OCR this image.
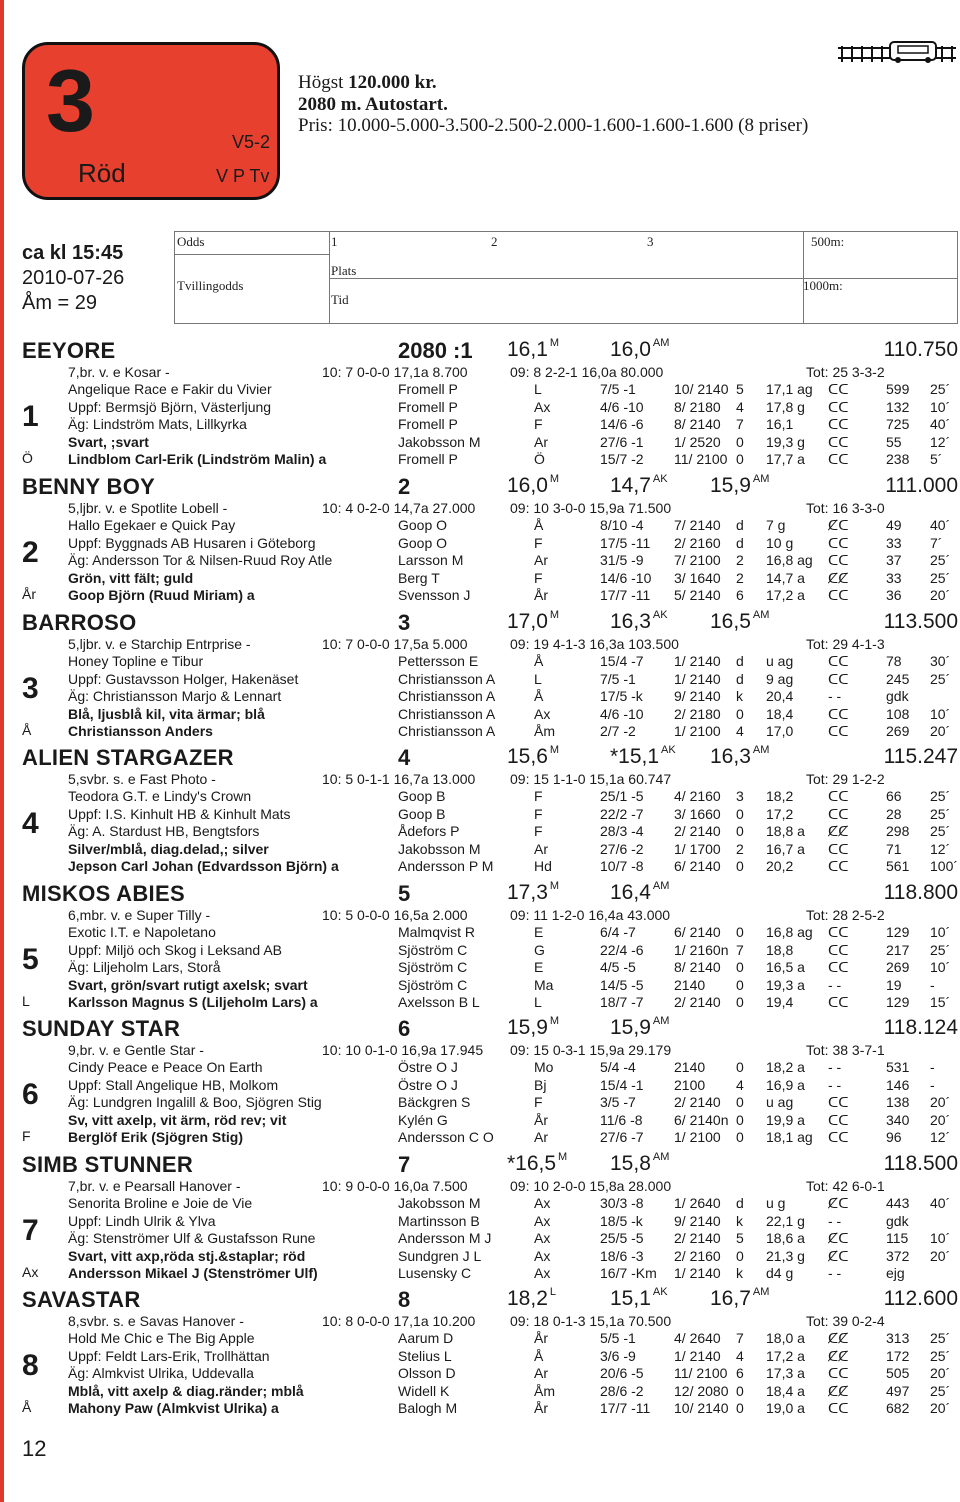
3	V5-2
Röd	V P Tv
Högst 120.000 kr.
2080 m. Autostart.
Pris: 10.000-5.000-3.500-2.500-2.000-1.600-1.600-1.600 (8 priser)
ca kl 15:45
2010-07-26
Åm = 29
Odds
Tvillingodds
1	2	3
Plats
Tid
500m:
1000m:
EEYORE	2080 :1 16,1 $^M$ 16,0 $^{AM}$	110.750
1
Ö
7,br. v. e Kosar -	10: 7 0-0-0 17,1a 8.700	09: 8 2-2-1 16,0a 80.000	Tot: 25 3-3-2
Angelique Race e Fakir du Vivier	Fromell P	L	7/5 -1	10/ 2140 5 17,1 ag ᑕᑕ	599 25´
Uppf: Bermsjö Björn, Västerljung	Fromell P	Ax	4/6 -10 8/ 2180 4 17,8 g ᑕᑕ	132 10´
Äg: Lindström Mats, Lillkyrka	Fromell P	F	14/6 -6 8/ 2140 7 16,1 ᑕᑕ	725 40´
Svart, ;svart	Jakobsson M	Ar	27/6 -1 1/ 2520 0 19,3 g ᑕᑕ	55 12´
Lindblom Carl-Erik (Lindström Malin) a	Fromell P	Ö	15/7 -2 11/ 2100 0 17,7 a ᑕᑕ	238 5´
BENNY BOY	2	16,0 $^M$ 14,7 $^{AK}$ 15,9 $^{AM}$	111.000
2
År
5,ljbr. v. e Spotlite Lobell -	10: 4 0-2-0 14,7a 27.000 09: 10 3-0-0 15,9a 71.500	Tot: 16 3-3-0
Hallo Egekaer e Quick Pay	Goop O	Å	8/10 -4 7/ 2140 d 7 g	ᑕ̸ᑕ	49 40´
Uppf: Byggnads AB Husaren i Göteborg	Goop O	F	17/5 -11 2/ 2160 d 10 g ᑕᑕ	33 7´
Äg: Andersson Tor & Nilsen-Ruud Roy Atle	Larsson M	Ar	31/5 -9 7/ 2100 2 16,8 ag ᑕᑕ	37 25´
Grön, vitt fält; guld	Berg T	F	14/6 -10 3/ 1640 2 14,7 a ᑕ̸ᑕ̸	33 25´
Goop Björn (Ruud Miriam) a	Svensson J	År	17/7 -11 5/ 2140 6 17,2 a ᑕᑕ	36 20´
BARROSO	3	17,0 $^M$ 16,3 $^{AK}$ 16,5 $^{AM}$	113.500
3
Å
5,ljbr. v. e Starchip Entrprise -	10: 7 0-0-0 17,5a 5.000	09: 19 4-1-3 16,3a 103.500	Tot: 29 4-1-3
Honey Topline e Tibur	Pettersson E	Å	15/4 -7 1/ 2140 d u ag ᑕᑕ	78 30´
Uppf: Gustavsson Holger, Hakenäset	Christiansson A	L	7/5 -1	1/ 2140 d 9 ag ᑕᑕ	245 25´
Äg: Christiansson Marjo & Lennart	Christiansson A	Å	17/5 -k 9/ 2140 k 20,4 - -	gdk
Blå, ljusblå kil, vita ärmar; blå	Christiansson A	Ax	4/6 -10 2/ 2180 0 18,4 ᑕᑕ	108 10´
Christiansson Anders	Christiansson A	Åm	2/7 -2	1/ 2100 4 17,0 ᑕᑕ	269 20´
ALIEN STARGAZER	4	15,6 $^M$ *15,1 $^{AK}$ 16,3 $^{AM}$	115.247
4
5,svbr. s. e Fast Photo -	10: 5 0-1-1 16,7a 13.000 09: 15 1-1-0 15,1a 60.747	Tot: 29 1-2-2
Teodora G.T. e Lindy's Crown	Goop B	F	25/1 -5 4/ 2160 3 18,2 ᑕᑕ	66 25´
Uppf: I.S. Kinhult HB & Kinhult Mats	Goop B	F	22/2 -7 3/ 1660 0 17,2 ᑕᑕ	28 25´
Äg: A. Stardust HB, Bengtsfors	Ådefors P	F	28/3 -4 2/ 2140 0 18,8 a ᑕ̸ᑕ̸	298 25´
Silver/mblå, diag.delad,; silver	Jakobsson M	Ar	27/6 -2 1/ 1700 2 16,7 a ᑕᑕ	71 12´
Jepson Carl Johan (Edvardsson Björn) a	Andersson P M	Hd	10/7 -8 6/ 2140 0 20,2 ᑕᑕ	561 100´
MISKOS ABIES	5	17,3 $^M$ 16,4 $^{AM}$	118.800
5
L
6,mbr. v. e Super Tilly -	10: 5 0-0-0 16,5a 2.000	09: 11 1-2-0 16,4a 43.000	Tot: 28 2-5-2
Exotic I.T. e Napoletano	Malmqvist R	E	6/4 -7	6/ 2140 0 16,8 ag ᑕᑕ	129 10´
Uppf: Miljö och Skog i Leksand AB	Sjöström C	G	22/4 -6 1/ 2160n 7 18,8 ᑕᑕ	217 25´
Äg: Liljeholm Lars, Storå	Sjöström C	E	4/5 -5	8/ 2140 0 16,5 a ᑕᑕ	269 10´
Svart, grön/svart rutigt axelsk; svart	Sjöström C	Ma	14/5 -5 2140 0 19,3 a - -	19 -
Karlsson Magnus S (Liljeholm Lars) a	Axelsson B L	L	18/7 -7 2/ 2140 0 19,4 ᑕᑕ	129 15´
SUNDAY STAR	6	15,9 $^M$ 15,9 $^{AM}$	118.124
6
F
9,br. v. e Gentle Star -	10: 10 0-1-0 16,9a 17.945 09: 15 0-3-1 15,9a 29.179	Tot: 38 3-7-1
Cindy Peace e Peace On Earth	Östre O J	Mo	5/4 -4	2140 0 18,2 a - -	531 -
Uppf: Stall Angelique HB, Molkom	Östre O J	Bj	15/4 -1 2100 4 16,9 a - -	146 -
Äg: Lundgren Ingalill & Boo, Sjögren Stig	Bäckgren S	F	3/5 -7	2/ 2140 0 u ag ᑕᑕ	138 20´
Sv, vitt axelp, vit ärm, röd rev; vit	Kylén G	År	11/6 -8 6/ 2140n 0 19,9 a ᑕᑕ	340 20´
Berglöf Erik (Sjögren Stig)	Andersson C O	Ar	27/6 -7 1/ 2100 0 18,1 ag ᑕᑕ	96 12´
SIMB STUNNER	7	*16,5 $^M$ 15,8 $^{AM}$	118.500
7
Ax
7,br. v. e Pearsall Hanover -	10: 9 0-0-0 16,0a 7.500	09: 10 2-0-0 15,8a 28.000	Tot: 42 6-0-1
Senorita Broline e Joie de Vie	Jakobsson M	Ax	30/3 -8 1/ 2640 d u g	ᑕ̸ᑕ	443 40´
Uppf: Lindh Ulrik & Ylva	Martinsson B	Ax	18/5 -k 9/ 2140 k 22,1 g - -	gdk
Äg: Stenströmer Ulf & Gustafsson Rune	Andersson M J	Ax	25/5 -5 2/ 2140 5 18,6 a ᑕ̸ᑕ	115 10´
Svart, vitt axp,röda stj.&staplar; röd	Sundgren J L	Ax	18/6 -3 2/ 2160 0 21,3 g ᑕ̸ᑕ	372 20´
Andersson Mikael J (Stenströmer Ulf)	Lusensky C	Ax	16/7 -Km 1/ 2140 k d4 g - -	ejg
SAVASTAR	8	18,2 $^L$	15,1 $^{AK}$ 16,7 $^{AM}$	112.600
8
Å
8,svbr. s. e Savas Hanover -	10: 8 0-0-0 17,1a 10.200 09: 18 0-1-3 15,1a 70.500	Tot: 39 0-2-4
Hold Me Chic e The Big Apple	Aarum D	År	5/5 -1	4/ 2640 7 18,0 a ᑕ̸ᑕ̸	313 25´
Uppf: Feldt Lars-Erik, Trollhättan	Stelius L	Å	3/6 -9	1/ 2140 4 17,2 a ᑕ̸ᑕ̸	172 25´
Äg: Almkvist Ulrika, Uddevalla	Olsson D	Ar	20/6 -5 11/ 2100 6 17,3 a ᑕᑕ	505 20´
Mblå, vitt axelp & diag.ränder; mblå	Widell K	Åm	28/6 -2 12/ 2080 0 18,4 a ᑕ̸ᑕ̸	497 25´
Mahony Paw (Almkvist Ulrika) a	Balogh M	År	17/7 -11 10/ 2140 0 19,0 a ᑕᑕ	682 20´
12
